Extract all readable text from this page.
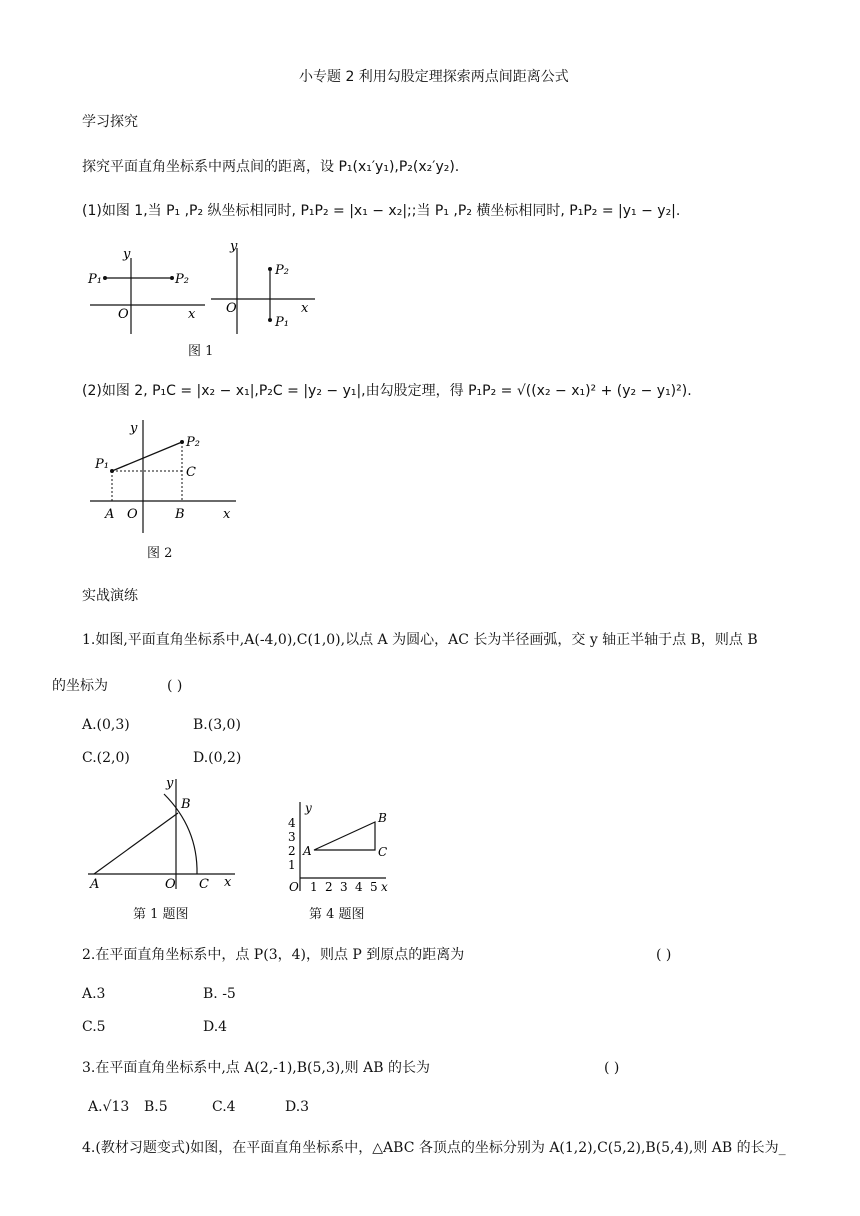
小专题 2 利用勾股定理探索两点间距离公式
学习探究
探究平面直角坐标系中两点间的距离，设 P₁(x₁′y₁),P₂(x₂′y₂).
(1)如图 1,当 P₁ ,P₂ 纵坐标相同时, P₁P₂ = |x₁ − x₂|;;当 P₁ ,P₂ 横坐标相同时, P₁P₂ = |y₁ − y₂|.
y
P₁	P₂
O	x
y
P₂
P₁
O	x
图 1
(2)如图 2, P₁C = |x₂ − x₁|,P₂C = |y₂ − y₁|,由勾股定理，得 P₁P₂ = √((x₂ − x₁)² + (y₂ − y₁)²).
y
P₂
P₁
C
A O	B	x
图 2
实战演练
1.如图,平面直角坐标系中,A(-4,0),C(1,0),以点 A 为圆心，AC 长为半径画弧，交 y 轴正半轴于点 B，则点 B
的坐标为	( )
A.(0,3)	B.(3,0)
C.(2,0)	D.(0,2)
y
B
A	O C x
y
4
3
2
1
O 1 2 3 4 5 x
A
B
C
第 1 题图	第 4 题图
2.在平面直角坐标系中，点 P(3，4)，则点 P 到原点的距离为	( )
A.3	B. -5
C.5	D.4
3.在平面直角坐标系中,点 A(2,-1),B(5,3),则 AB 的长为	( )
A.√13 B.5	C.4	D.3
4.(教材习题变式)如图，在平面直角坐标系中，△ABC 各顶点的坐标分别为 A(1,2),C(5,2),B(5,4),则 AB 的长为_
